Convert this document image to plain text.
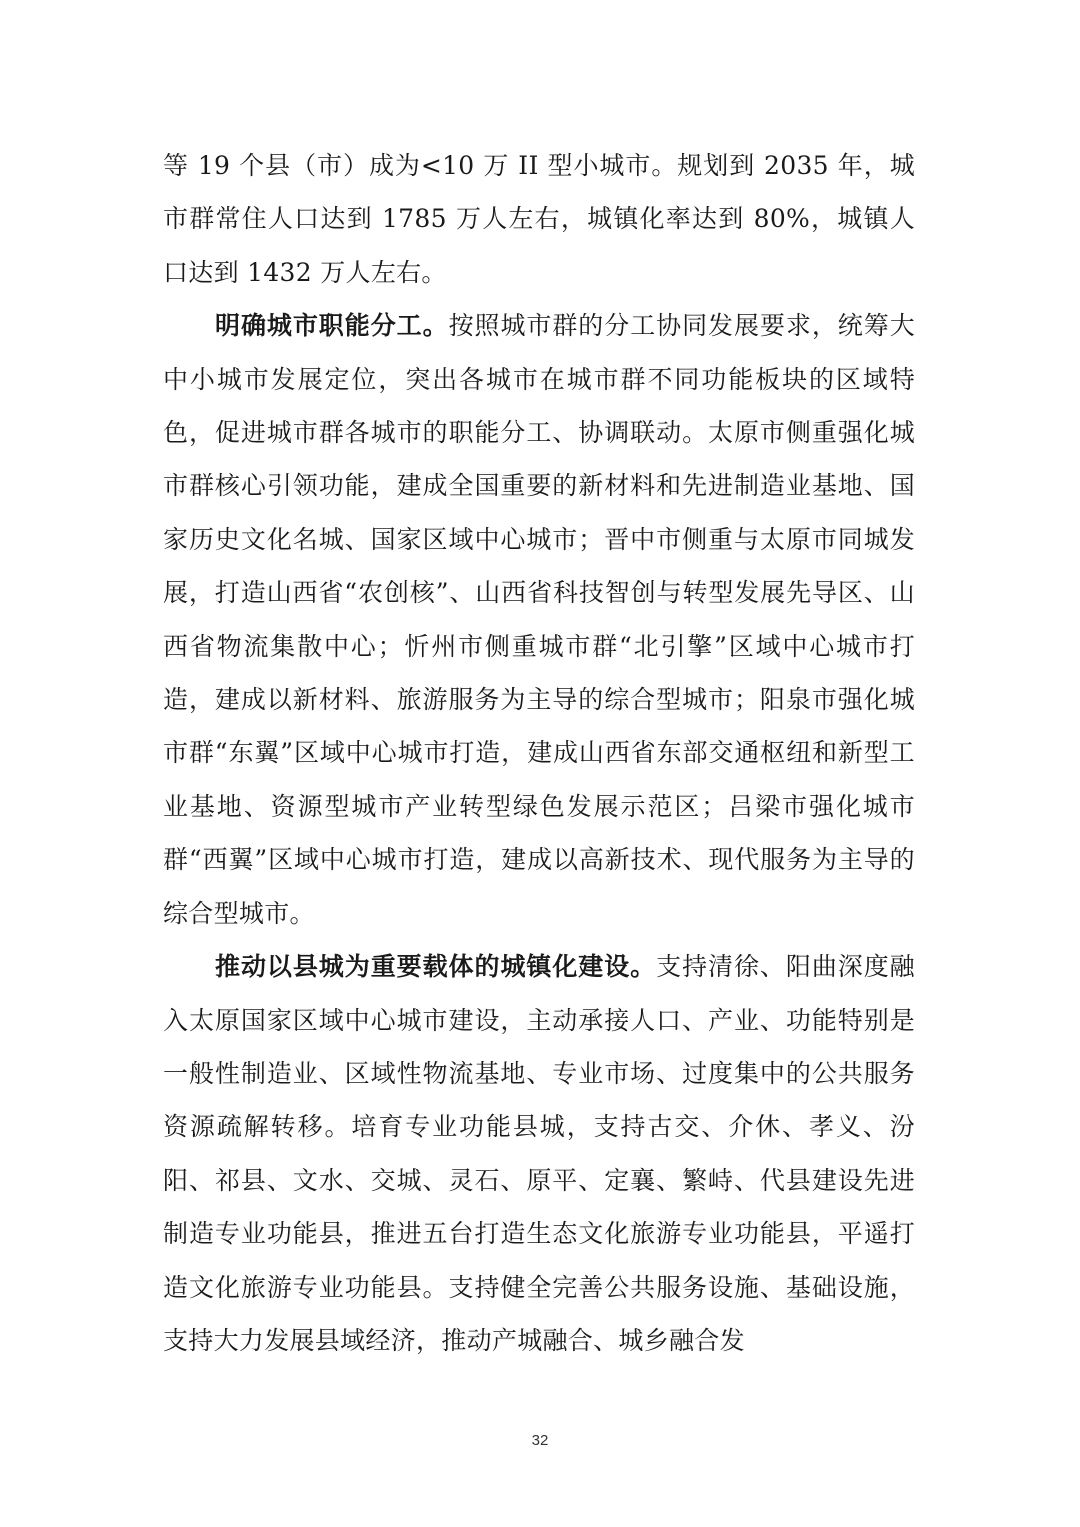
等 19 个县（市）成为<10 万 II 型小城市。规划到 2035 年，城市群常住人口达到 1785 万人左右，城镇化率达到 80%，城镇人口达到 1432 万人左右。

明确城市职能分工。按照城市群的分工协同发展要求，统筹大中小城市发展定位，突出各城市在城市群不同功能板块的区域特色，促进城市群各城市的职能分工、协调联动。太原市侧重强化城市群核心引领功能，建成全国重要的新材料和先进制造业基地、国家历史文化名城、国家区域中心城市；晋中市侧重与太原市同城发展，打造山西省“农创核”、山西省科技智创与转型发展先导区、山西省物流集散中心；忻州市侧重城市群“北引擎”区域中心城市打造，建成以新材料、旅游服务为主导的综合型城市；阳泉市强化城市群“东翼”区域中心城市打造，建成山西省东部交通枢纽和新型工业基地、资源型城市产业转型绿色发展示范区；吕梁市强化城市群“西翼”区域中心城市打造，建成以高新技术、现代服务为主导的综合型城市。

推动以县城为重要载体的城镇化建设。支持清徐、阳曲深度融入太原国家区域中心城市建设，主动承接人口、产业、功能特别是一般性制造业、区域性物流基地、专业市场、过度集中的公共服务资源疏解转移。培育专业功能县城，支持古交、介休、孝义、汾阳、祁县、文水、交城、灵石、原平、定襄、繁峙、代县建设先进制造专业功能县，推进五台打造生态文化旅游专业功能县，平遥打造文化旅游专业功能县。支持健全完善公共服务设施、基础设施，支持大力发展县域经济，推动产城融合、城乡融合发

32
